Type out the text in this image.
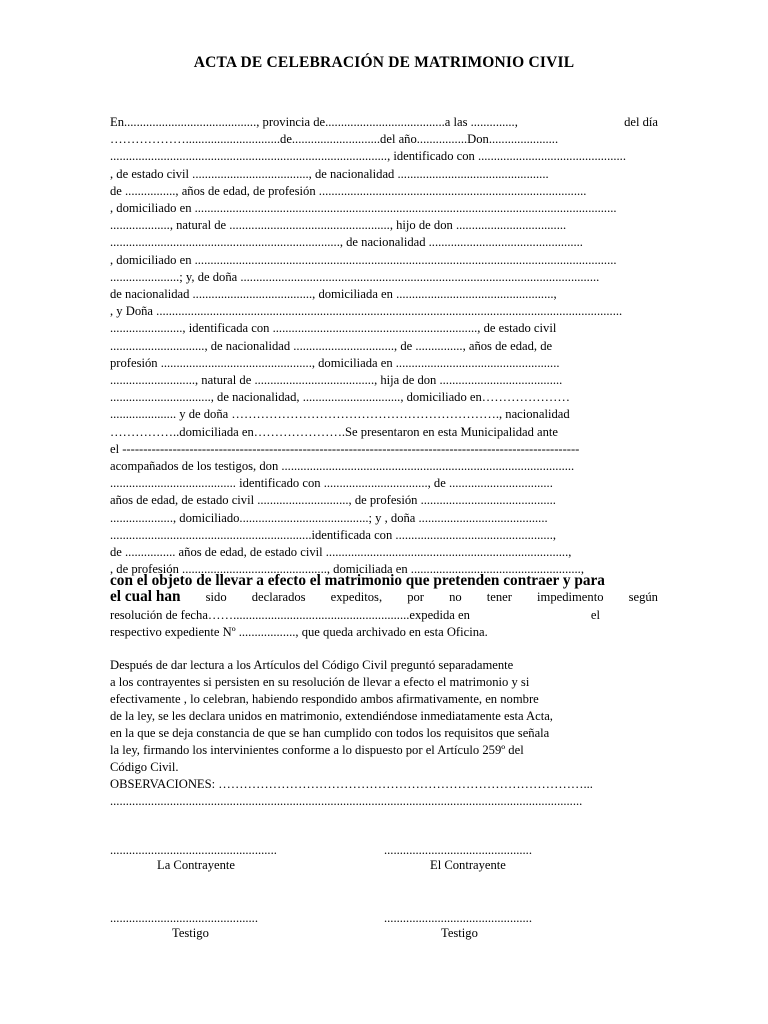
ACTA DE CELEBRACIÓN DE MATRIMONIO CIVIL
En.........................................., provincia de......................................a las ..............,	del día
………………..............................de............................del año................Don......................
........................................................................................, identificado con ...............................................
, de estado civil ....................................., de nacionalidad ................................................
de ................, años de edad, de profesión .....................................................................................
, domiciliado en ......................................................................................................................................
..................., natural de ..................................................., hijo de don ...................................
........................................................................., de nacionalidad .................................................
, domiciliado en ......................................................................................................................................
......................; y, de doña ..................................................................................................................
de nacionalidad ......................................, domiciliada en ..................................................,
, y Doña ....................................................................................................................................................
......................., identificada con ................................................................., de estado civil
.............................., de nacionalidad ................................, de ..............., años de edad, de
profesión ................................................, domiciliada en ....................................................
..........................., natural de ......................................, hija de don .......................................
................................, de nacionalidad, ..............................., domiciliado en…………………
..................... y de doña ………………………………………………………., nacionalidad
……………..domiciliada en………………….Se presentaron en esta Municipalidad ante
el -------------------------------------------------------------------------------------------------------------
acompañados de los testigos, don .............................................................................................
........................................ identificado con ................................., de .................................
años de edad, de estado civil ............................., de profesión ...........................................
...................., domiciliado.........................................; y , doña .........................................
................................................................identificada con ..................................................,
de ................ años de edad, de estado civil .............................................................................,
, de profesión .............................................., domiciliada en ......................................................,
con el objeto de llevar a efecto el matrimonio que pretenden contraer y para
el cual han sido declarados expeditos, por no tener impedimento según
resolución de fecha……........................................................expedida en	el
respectivo expediente Nº .................., que queda archivado en esta Oficina.
Después de dar lectura a los Artículos del Código Civil preguntó separadamente
a los contrayentes si persisten en su resolución de llevar a efecto el matrimonio y si
efectivamente , lo celebran, habiendo respondido ambos afirmativamente, en nombre
de la ley, se les declara unidos en matrimonio, extendiéndose inmediatamente esta Acta,
en la que se deja constancia de que se han cumplido con todos los requisitos que señala
la ley, firmando los intervinientes conforme a lo dispuesto por el Artículo 259º del
Código Civil.
OBSERVACIONES: ……………………………………………………………………………...
......................................................................................................................................................
.....................................................	...............................................
La Contrayente	El Contrayente
...............................................	...............................................
Testigo	Testigo
